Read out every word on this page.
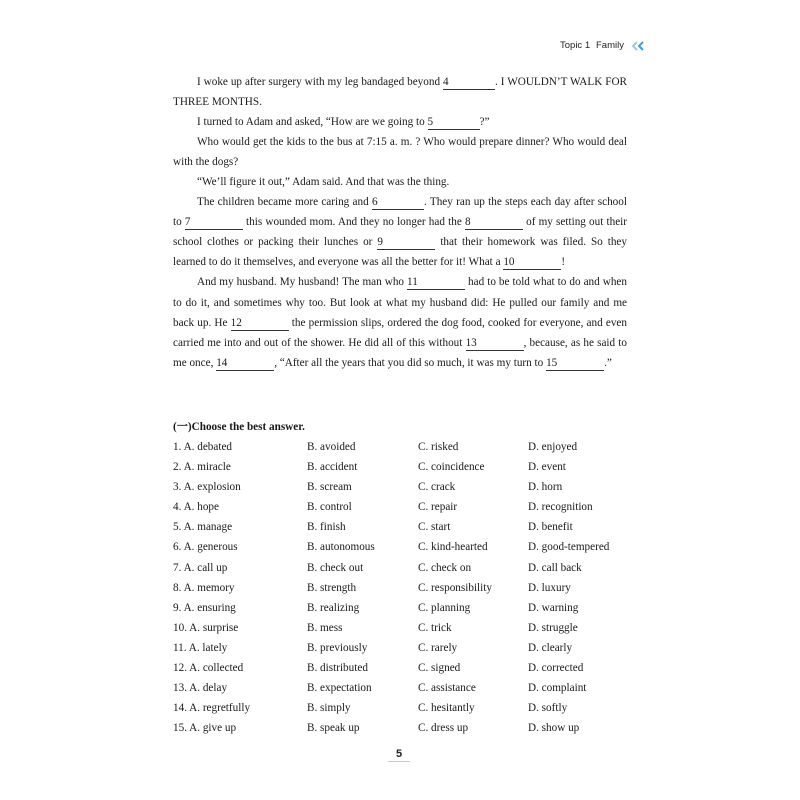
Topic 1 Family

I woke up after surgery with my leg bandaged beyond 4	. I WOULDN’T WALK FOR THREE MONTHS.

I turned to Adam and asked, “How are we going to 5	?”

Who would get the kids to the bus at 7:15 a. m. ? Who would prepare dinner? Who would deal with the dogs?

“We’ll figure it out,” Adam said. And that was the thing.

The children became more caring and 6	. They ran up the steps each day after school to 7	this wounded mom. And they no longer had the 8	of my setting out their school clothes or packing their lunches or 9	that their homework was filed. So they learned to do it themselves, and everyone was all the better for it! What a 10	!

And my husband. My husband! The man who 11	had to be told what to do and when to do it, and sometimes why too. But look at what my husband did: He pulled our family and me back up. He 12	the permission slips, ordered the dog food, cooked for everyone, and even carried me into and out of the shower. He did all of this without 13	, because, as he said to me once, 14	, “After all the years that you did so much, it was my turn to 15	.”

(一)Choose the best answer.
1. A. debated	B. avoided	C. risked	D. enjoyed
2. A. miracle	B. accident	C. coincidence	D. event
3. A. explosion	B. scream	C. crack	D. horn
4. A. hope	B. control	C. repair	D. recognition
5. A. manage	B. finish	C. start	D. benefit
6. A. generous	B. autonomous	C. kind-hearted	D. good-tempered
7. A. call up	B. check out	C. check on	D. call back
8. A. memory	B. strength	C. responsibility	D. luxury
9. A. ensuring	B. realizing	C. planning	D. warning
10. A. surprise	B. mess	C. trick	D. struggle
11. A. lately	B. previously	C. rarely	D. clearly
12. A. collected	B. distributed	C. signed	D. corrected
13. A. delay	B. expectation	C. assistance	D. complaint
14. A. regretfully	B. simply	C. hesitantly	D. softly
15. A. give up	B. speak up	C. dress up	D. show up
5
